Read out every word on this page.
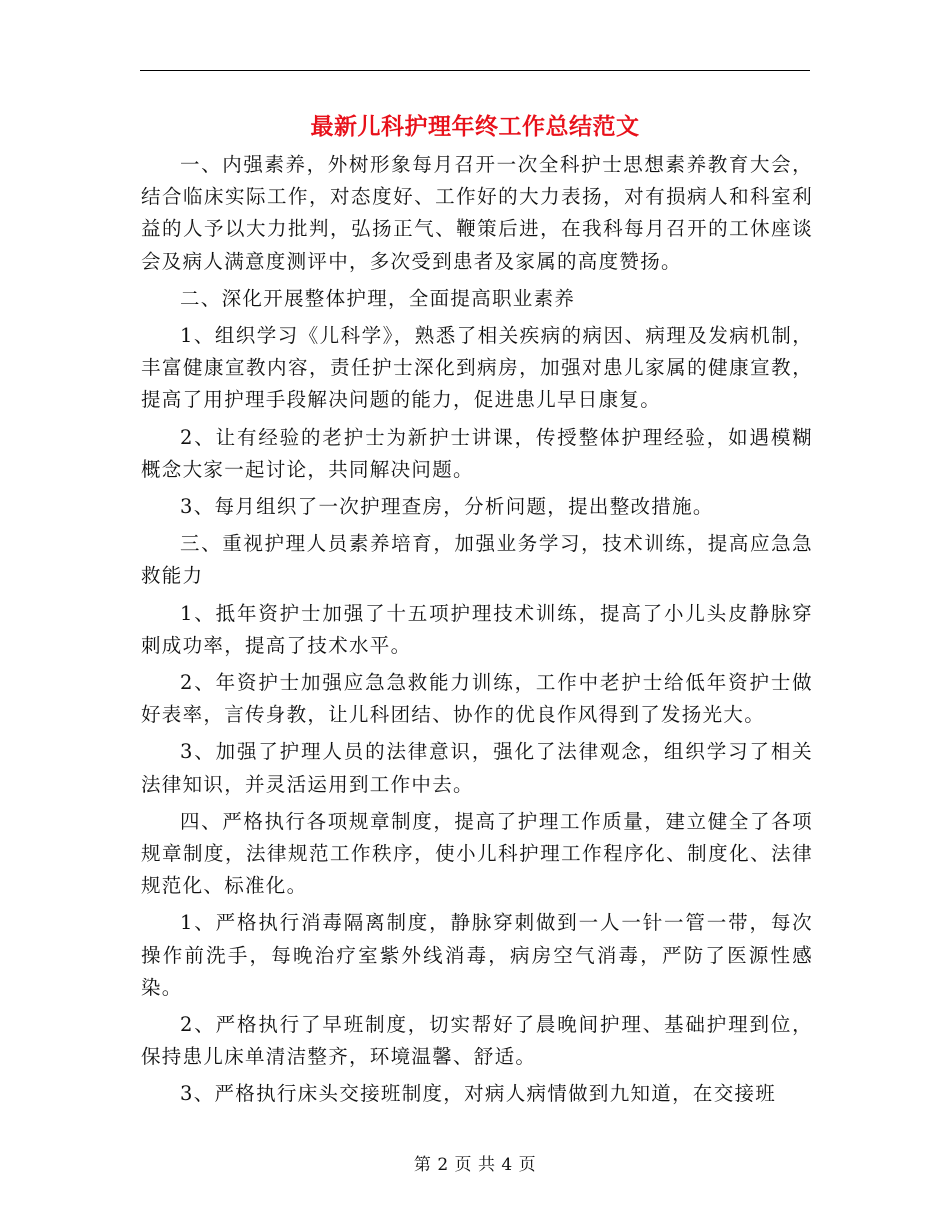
最新儿科护理年终工作总结范文

一、内强素养，外树形象每月召开一次全科护士思想素养教育大会，结合临床实际工作，对态度好、工作好的大力表扬，对有损病人和科室利益的人予以大力批判，弘扬正气、鞭策后进，在我科每月召开的工休座谈会及病人满意度测评中，多次受到患者及家属的高度赞扬。

二、深化开展整体护理，全面提高职业素养

1、组织学习《儿科学》，熟悉了相关疾病的病因、病理及发病机制，丰富健康宣教内容，责任护士深化到病房，加强对患儿家属的健康宣教，提高了用护理手段解决问题的能力，促进患儿早日康复。

2、让有经验的老护士为新护士讲课，传授整体护理经验，如遇模糊概念大家一起讨论，共同解决问题。

3、每月组织了一次护理查房，分析问题，提出整改措施。

三、重视护理人员素养培育，加强业务学习，技术训练，提高应急急救能力

1、抵年资护士加强了十五项护理技术训练，提高了小儿头皮静脉穿刺成功率，提高了技术水平。

2、年资护士加强应急急救能力训练，工作中老护士给低年资护士做好表率，言传身教，让儿科团结、协作的优良作风得到了发扬光大。

3、加强了护理人员的法律意识，强化了法律观念，组织学习了相关法律知识，并灵活运用到工作中去。

四、严格执行各项规章制度，提高了护理工作质量，建立健全了各项规章制度，法律规范工作秩序，使小儿科护理工作程序化、制度化、法律规范化、标准化。

1、严格执行消毒隔离制度，静脉穿刺做到一人一针一管一带，每次操作前洗手，每晚治疗室紫外线消毒，病房空气消毒，严防了医源性感染。

2、严格执行了早班制度，切实帮好了晨晚间护理、基础护理到位，保持患儿床单清洁整齐，环境温馨、舒适。

3、严格执行床头交接班制度，对病人病情做到九知道，在交接班

第 2 页 共 4 页
